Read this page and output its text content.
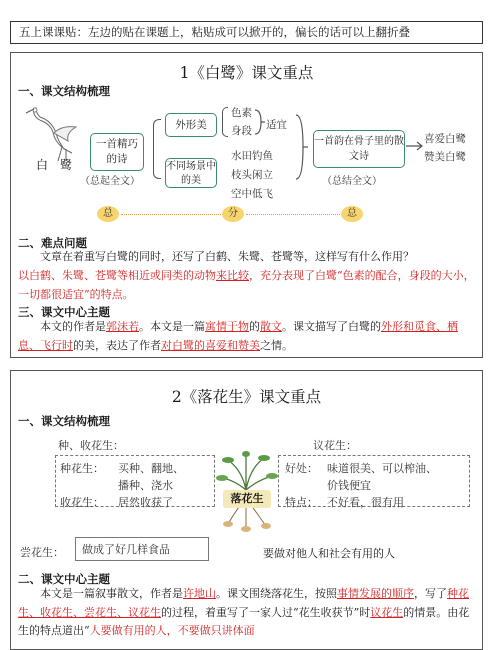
五上课课贴：左边的贴在课题上，粘贴成可以掀开的，偏长的话可以上翻折叠
1《白鹭》课文重点
一、课文结构梳理
白　鹭
一首精巧的诗
（总起全文）
外形美
不同场景中的美
色素
身段 适宜
水田钓鱼
枝头闲立
空中低飞
一首韵在骨子里的散文诗
（总结全文）
喜爱白鹭
赞美白鹭
总	分	总
二、难点问题
文章在着重写白鹭的同时，还写了白鹤、朱鹭、苍鹭等，这样写有什么作用？
以白鹤、朱鹭、苍鹭等相近或同类的动物来比较，充分表现了白鹭“色素的配合，身段的大小，一切都很适宜”的特点。
三、课文中心主题
本文的作者是郭沫若。本文是一篇寓情于物的散文。课文描写了白鹭的外形和觅食、栖息、飞行时的美，表达了作者对白鹭的喜爱和赞美之情。
2《落花生》课文重点
一、课文结构梳理
种、收花生：
种花生： 买种、翻地、
播种、浇水
收花生： 居然收获了	落花生
议花生：
好处： 味道很美、可以榨油、
价钱便宜
特点： 不好看，很有用
尝花生： 做成了好几样食品	要做对他人和社会有用的人
二、课文中心主题
本文是一篇叙事散文，作者是许地山。课文围绕落花生，按照事情发展的顺序，写了种花生、收花生、尝花生、议花生的过程，着重写了一家人过“花生收获节”时议花生的情景。由花生的特点道出“人要做有用的人，不要做只讲体面
